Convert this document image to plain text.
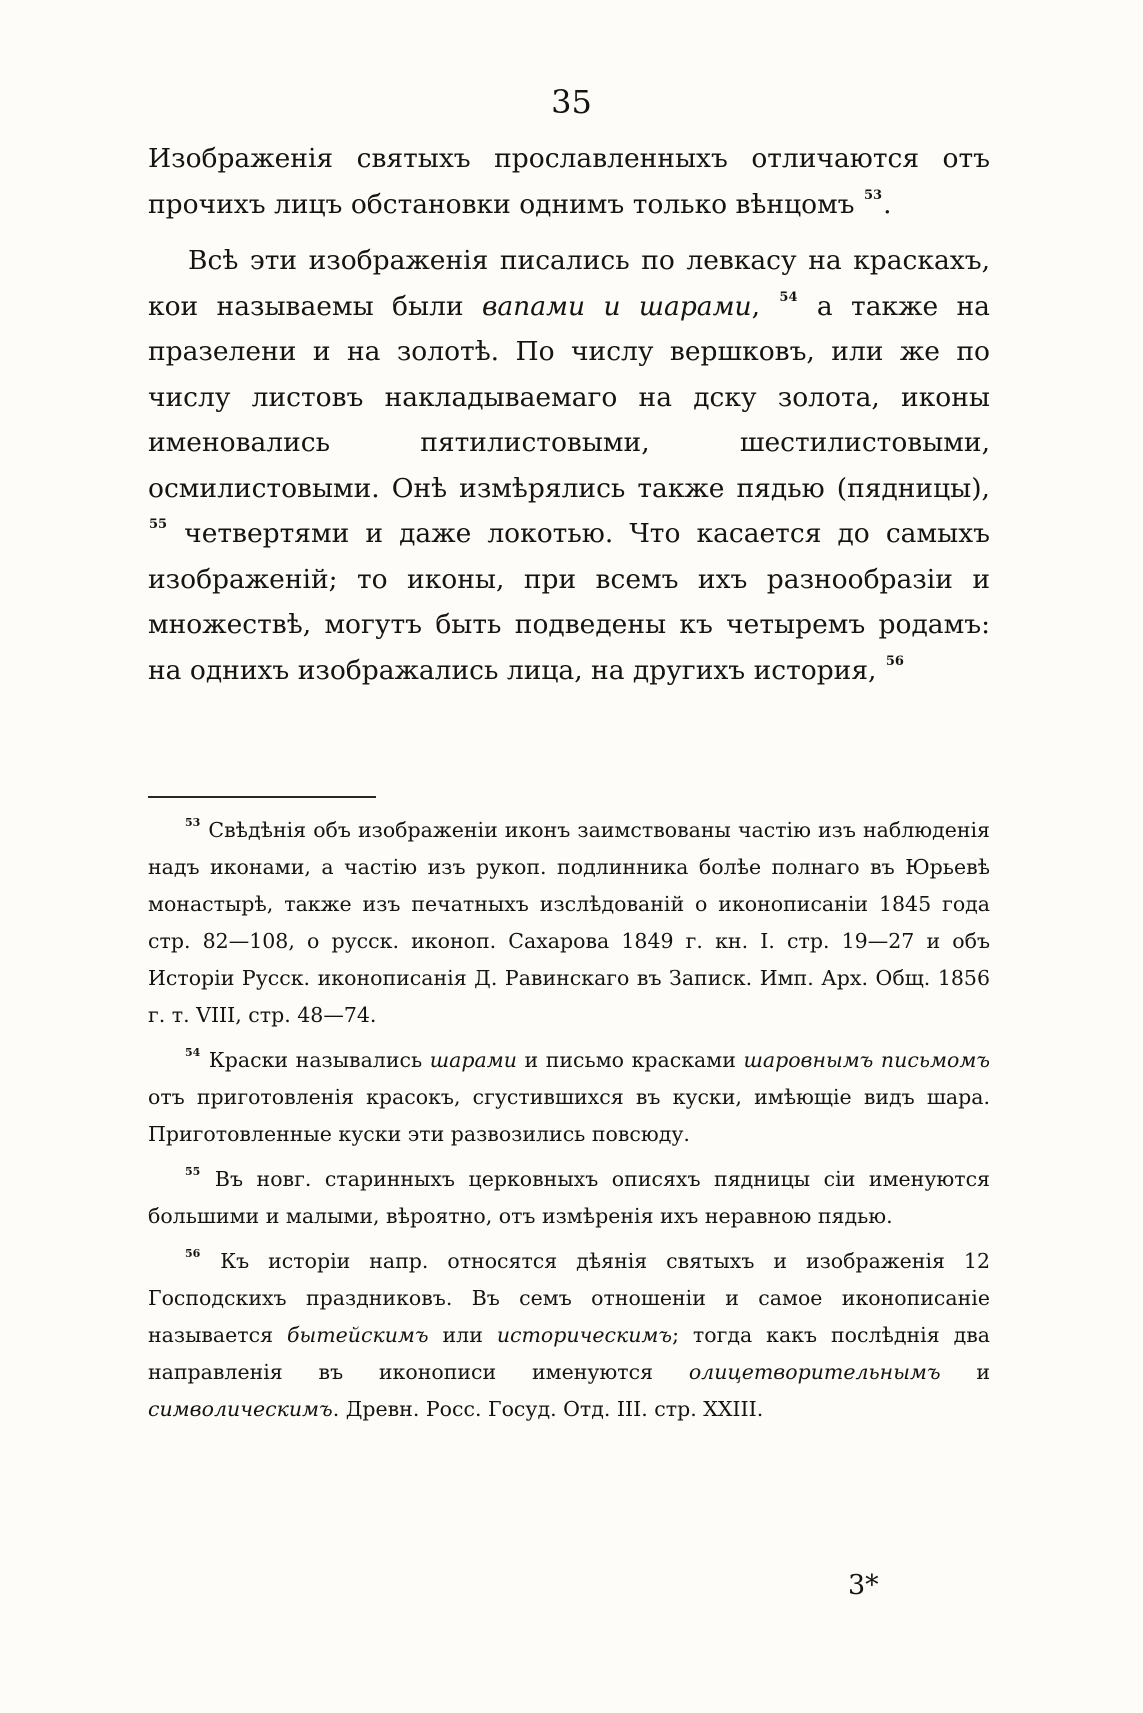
35

Изображенія святыхъ прославленныхъ отличаются отъ прочихъ лицъ обстановки однимъ только вѣнцомъ $^{53}$.

Всѣ эти изображенія писались по левкасу на краскахъ, кои называемы были вапами и шарами, $^{54}$ а также на празелени и на золотѣ. По числу вершковъ, или же по числу листовъ накладываемаго на дску золота, иконы именовались пятилистовыми, шестилистовыми, осмилистовыми. Онѣ измѣрялись также пядью (пядницы), $^{55}$ четвертями и даже локотью. Что касается до самыхъ изображеній; то иконы, при всемъ ихъ разнообразіи и множествѣ, могутъ быть подведены къ четыремъ родамъ: на однихъ изображались лица, на другихъ история, $^{56}$

$^{53}$ Свѣдѣнія объ изображеніи иконъ заимствованы частію изъ наблюденія надъ иконами, а частію изъ рукоп. подлинника болѣе полнаго въ Юрьевѣ монастырѣ, также изъ печатныхъ изслѣдованій о иконописаніи 1845 года стр. 82—108, о русск. иконоп. Сахарова 1849 г. кн. I. стр. 19—27 и объ Исторіи Русск. иконописанія Д. Равинскаго въ Записк. Имп. Арх. Общ. 1856 г. т. VIII, стр. 48—74.

$^{54}$ Краски назывались шарами и письмо красками шаровнымъ письмомъ отъ приготовленія красокъ, сгустившихся въ куски, имѣющіе видъ шара. Приготовленные куски эти развозились повсюду.

$^{55}$ Въ новг. старинныхъ церковныхъ описяхъ пядницы сіи именуются большими и малыми, вѣроятно, отъ измѣренія ихъ неравною пядью.

$^{56}$ Къ исторіи напр. относятся дѣянія святыхъ и изображенія 12 Господскихъ праздниковъ. Въ семъ отношеніи и самое иконописаніе называется бытейскимъ или историческимъ; тогда какъ послѣднія два направленія въ иконописи именуются олицетворительнымъ и символическимъ. Древн. Росс. Госуд. Отд. III. стр. XXIII.

3*
